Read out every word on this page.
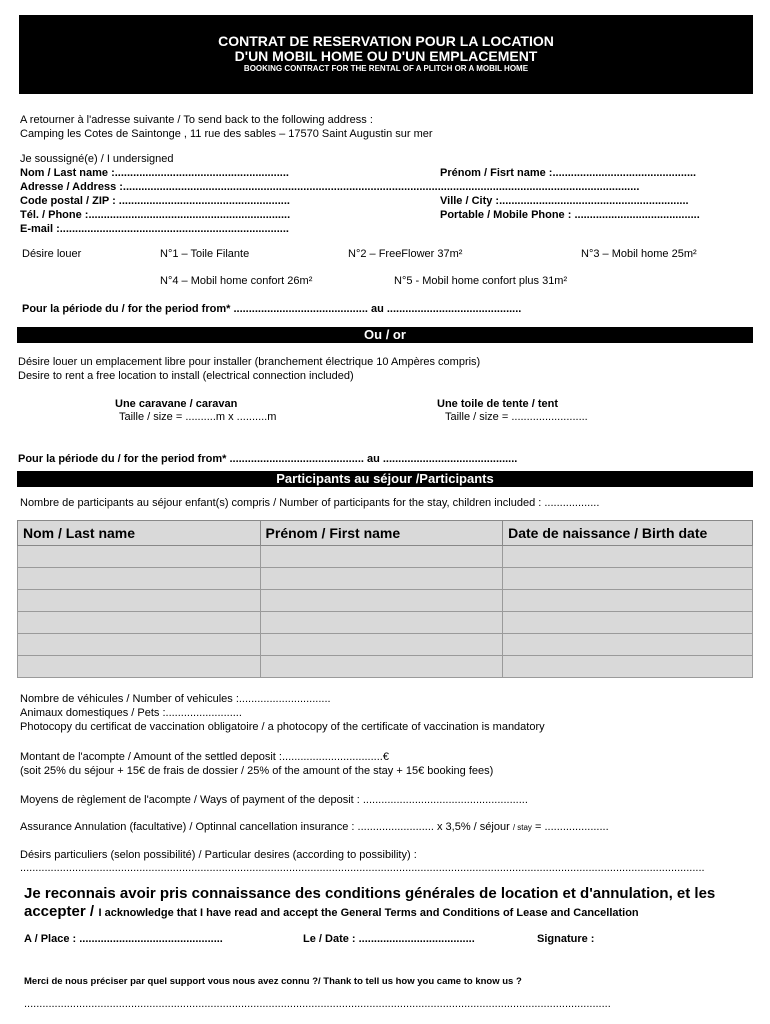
CONTRAT DE RESERVATION POUR LA LOCATION
D'UN MOBIL HOME OU D'UN EMPLACEMENT
BOOKING CONTRACT FOR THE RENTAL OF A PLITCH OR A MOBIL HOME
A retourner à l'adresse suivante / To send back to the following address :
Camping les Cotes de Saintonge , 11 rue des sables – 17570 Saint Augustin sur mer
Je soussigné(e) / I undersigned
Nom / Last name :.........................................................	Prénom / Fisrt name :...............................................
Adresse / Address :.........................................................................................................................................................................
Code postal / ZIP : ........................................................	Ville / City :..............................................................
Tél. / Phone :..................................................................	Portable / Mobile Phone : .........................................
E-mail :...........................................................................
Désire louer	N°1 – Toile Filante	N°2 – FreeFlower 37m²	N°3 – Mobil home 25m²
N°4 – Mobil home confort 26m²	N°5 - Mobil home confort plus 31m²
Pour la période du / for the period from* ............................................ au ............................................
Ou / or
Désire louer un emplacement libre pour installer (branchement électrique 10 Ampères compris)
Desire to rent a free location to install (electrical connection included)
Une caravane / caravan
Taille / size = ..........m x ..........m
Une toile de tente / tent
Taille / size = .........................
Pour la période du / for the period from* ............................................ au ............................................
Participants au séjour /Participants
Nombre de participants au séjour enfant(s) compris / Number of participants for the stay, children included : ..................
Nom / Last name	Prénom / First name	Date de naissance / Birth date

Nombre de véhicules / Number of vehicules :..............................
Animaux domestiques / Pets :.........................
Photocopy du certificat de vaccination obligatoire / a photocopy of the certificate of vaccination is mandatory
Montant de l'acompte / Amount of the settled deposit :.................................€
(soit 25% du séjour + 15€ de frais de dossier / 25% of the amount of the stay + 15€ booking fees)
Moyens de règlement de l'acompte / Ways of payment of the deposit : ......................................................
Assurance Annulation (facultative) / Optinnal cancellation insurance : ......................... x 3,5% / séjour / stay = .....................
Désirs particuliers (selon possibilité) / Particular desires (according to possibility) :
................................................................................................................................................................................................................................
Je reconnais avoir pris connaissance des conditions générales de location et d'annulation, et les
accepter / I acknowledge that I have read and accept the General Terms and Conditions of Lease and Cancellation
A / Place : ...............................................	Le / Date : ......................................	Signature :
Merci de nous préciser par quel support vous nous avez connu ?/ Thank to tell us how you came to know us ?
................................................................................................................................................................................................
